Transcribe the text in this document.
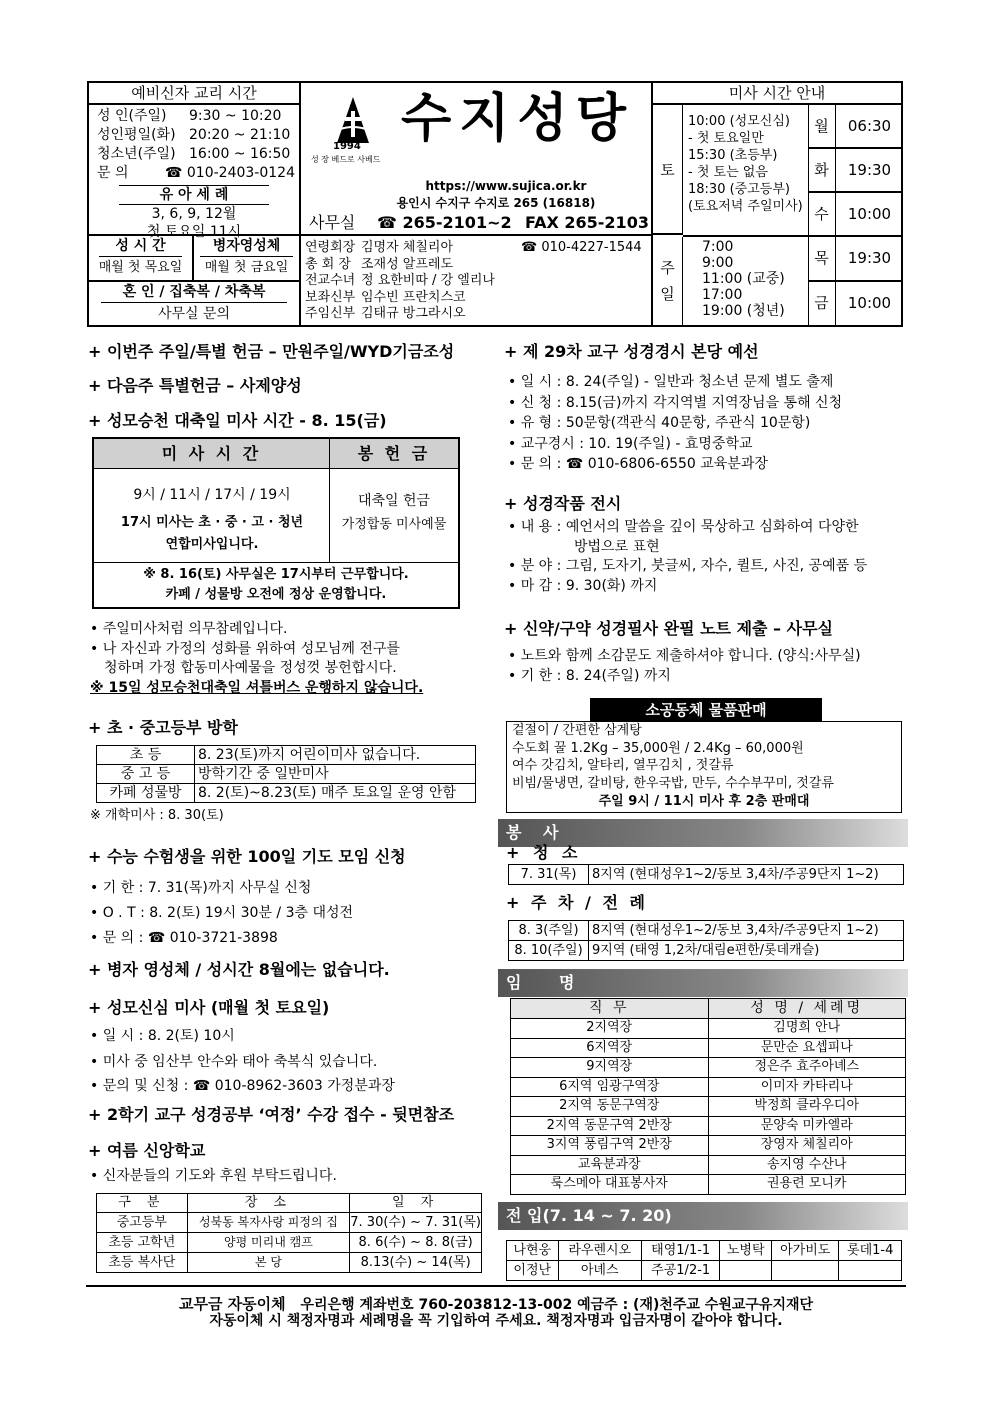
예비신자 교리 시간
성 인(주일)	9:30 ~ 10:20
성인평일(화) 20:20 ~ 21:10
청소년(주일) 16:00 ~ 16:50
문 의	☎ 010-2403-0124
유 아 세 례
3, 6, 9, 12월
첫 토요일 11시
성 시 간
매월 첫 목요일
병자영성체
매월 첫 금요일
혼 인 / 집축복 / 차축복
사무실 문의
1994
성 장 베드로 사베드
수지성당
https://www.sujica.or.kr
용인시 수지구 수지로 265 (16818)
사무실 ☎ 265-2101~2 FAX 265-2103
연령회장 김명자 체칠리아	☎ 010-4227-1544
총 회 장 조재성 알프레도
전교수녀 정 요한비따 / 강 엘리나
보좌신부 임수빈 프란치스코
주임신부 김태규 방그라시오
미사 시간 안내
토
10:00 (성모신심)
- 첫 토요일만
15:30 (초등부)
- 첫 토는 없음
18:30 (중고등부)
(토요저녁 주일미사)
주일
7:00
9:00
11:00 (교중)
17:00
19:00 (청년)
월	06:30
화	19:30
수	10:00
목	19:30
금	10:00
+ 이번주 주일/특별 헌금 – 만원주일/WYD기금조성
+ 다음주 특별헌금 – 사제양성
+ 성모승천 대축일 미사 시간 - 8. 15(금)
미 사 시 간	봉 헌 금
9시 / 11시 / 17시 / 19시
17시 미사는 초 · 중 · 고 · 청년
연합미사입니다.
대축일 헌금
가정합동 미사예물
※ 8. 16(토) 사무실은 17시부터 근무합니다.
카페 / 성물방 오전에 정상 운영합니다.
• 주일미사처럼 의무참례입니다.
• 나 자신과 가정의 성화를 위하여 성모님께 전구를
청하며 가정 합동미사예물을 정성껏 봉헌합시다.
※ 15일 성모승천대축일 셔틀버스 운행하지 않습니다.
+ 초 · 중고등부 방학
초 등	8. 23(토)까지 어린이미사 없습니다.
중 고 등	방학기간 중 일반미사
카페 성물방	8. 2(토)~8.23(토) 매주 토요일 운영 안함
※ 개학미사 : 8. 30(토)
+ 수능 수험생을 위한 100일 기도 모임 신청
• 기 한 : 7. 31(목)까지 사무실 신청
• O . T : 8. 2(토) 19시 30분 / 3층 대성전
• 문 의 : ☎ 010-3721-3898
+ 병자 영성체 / 성시간 8월에는 없습니다.
+ 성모신심 미사 (매월 첫 토요일)
• 일 시 : 8. 2(토) 10시
• 미사 중 임산부 안수와 태아 축복식 있습니다.
• 문의 및 신청 : ☎ 010-8962-3603 가정분과장
+ 2학기 교구 성경공부 ‘여정’ 수강 접수 - 뒷면참조
+ 여름 신앙학교
• 신자분들의 기도와 후원 부탁드립니다.
구 분	장 소	일 자
중고등부	성북동 복자사랑 피정의 집	7. 30(수) ~ 7. 31(목)
초등 고학년	양평 미리내 캠프	8. 6(수) ~ 8. 8(금)
초등 복사단	본 당	8.13(수) ~ 14(목)
+ 제 29차 교구 성경경시 본당 예선
• 일 시 : 8. 24(주일) - 일반과 청소년 문제 별도 출제
• 신 청 : 8.15(금)까지 각지역별 지역장님을 통해 신청
• 유 형 : 50문항(객관식 40문항, 주관식 10문항)
• 교구경시 : 10. 19(주일) - 효명중학교
• 문 의 : ☎ 010-6806-6550 교육분과장
+ 성경작품 전시
• 내 용 : 예언서의 말씀을 깊이 묵상하고 심화하여 다양한
방법으로 표현
• 분 야 : 그림, 도자기, 붓글씨, 자수, 퀼트, 사진, 공예품 등
• 마 감 : 9. 30(화) 까지
+ 신약/구약 성경필사 완필 노트 제출 – 사무실
• 노트와 함께 소감문도 제출하셔야 합니다. (양식:사무실)
• 기 한 : 8. 24(주일) 까지
소공동체 물품판매
겉절이 / 간편한 삼계탕
수도회 꿀 1.2Kg – 35,000원 / 2.4Kg – 60,000원
여수 갓김치, 알타리, 열무김치 , 젓갈류
비빔/물냉면, 갈비탕, 한우국밥, 만두, 수수부꾸미, 젓갈류
주일 9시 / 11시 미사 후 2층 판매대
봉 사
+ 청 소
7. 31(목)	8지역 (현대성우1~2/동보 3,4차/주공9단지 1~2)
+ 주 차 / 전 례
8. 3(주일)	8지역 (현대성우1~2/동보 3,4차/주공9단지 1~2)
8. 10(주일)	9지역 (태영 1,2차/대림e편한/롯데캐슬)
임 명
직 무	성 명 / 세례명
2지역장	김명희 안나
6지역장	문만순 요셉피나
9지역장	정은주 효주아녜스
6지역 임광구역장	이미자 카타리나
2지역 동문구역장	박정희 클라우디아
2지역 동문구역 2반장	문양숙 미카엘라
3지역 풍림구역 2반장	장영자 체칠리아
교육분과장	송지영 수산나
룩스메아 대표봉사자	권용련 모니카
전 입(7. 14 ~ 7. 20)
나현웅	라우렌시오	태영1/1-1	노병탁	아가비도	롯데1-4
이정난	아녜스	주공1/2-1			
교무금 자동이체 우리은행 계좌번호 760-203812-13-002 예금주 : (재)천주교 수원교구유지재단
자동이체 시 책정자명과 세례명을 꼭 기입하여 주세요. 책정자명과 입금자명이 같아야 합니다.
